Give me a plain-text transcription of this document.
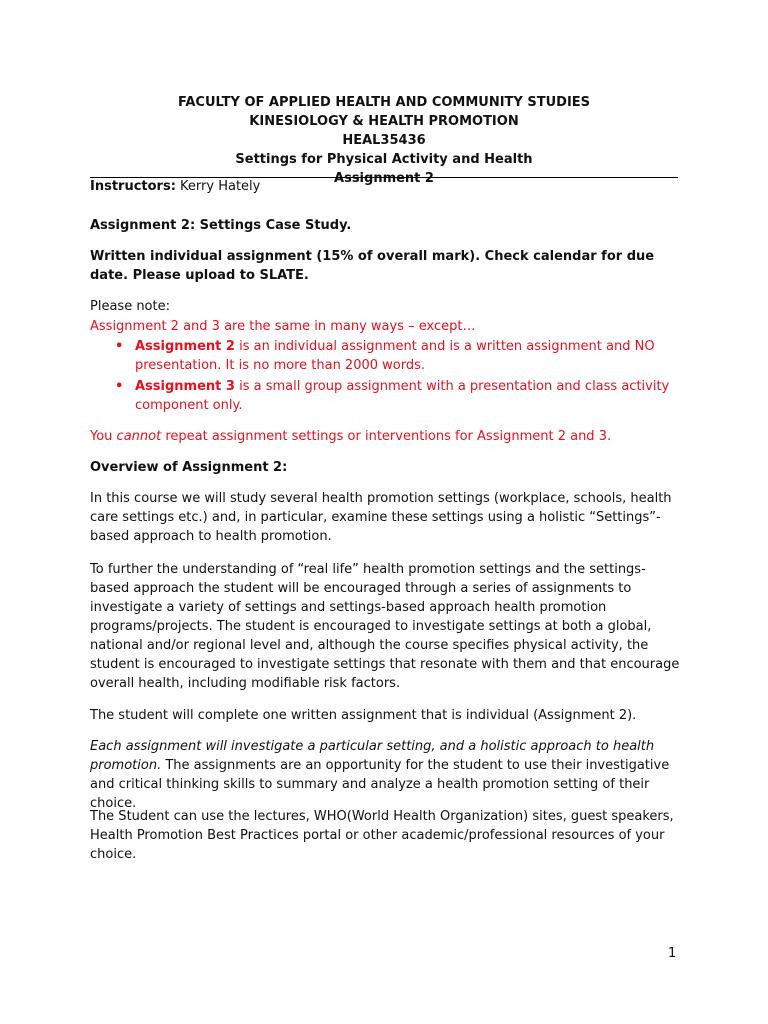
FACULTY OF APPLIED HEALTH AND COMMUNITY STUDIES
KINESIOLOGY & HEALTH PROMOTION
HEAL35436
Settings for Physical Activity and Health
Assignment 2
Instructors: Kerry Hately
Assignment 2: Settings Case Study.
Written individual assignment (15% of overall mark). Check calendar for due date. Please upload to SLATE.
Please note:
Assignment 2 and 3 are the same in many ways – except…
• Assignment 2 is an individual assignment and is a written assignment and NO presentation. It is no more than 2000 words.
• Assignment 3 is a small group assignment with a presentation and class activity component only.
You cannot repeat assignment settings or interventions for Assignment 2 and 3.
Overview of Assignment 2:
In this course we will study several health promotion settings (workplace, schools, health care settings etc.) and, in particular, examine these settings using a holistic “Settings”-based approach to health promotion.
To further the understanding of “real life” health promotion settings and the settings-based approach the student will be encouraged through a series of assignments to investigate a variety of settings and settings-based approach health promotion programs/projects. The student is encouraged to investigate settings at both a global, national and/or regional level and, although the course specifies physical activity, the student is encouraged to investigate settings that resonate with them and that encourage overall health, including modifiable risk factors.
The student will complete one written assignment that is individual (Assignment 2).
Each assignment will investigate a particular setting, and a holistic approach to health promotion. The assignments are an opportunity for the student to use their investigative and critical thinking skills to summary and analyze a health promotion setting of their choice.
The Student can use the lectures, WHO(World Health Organization) sites, guest speakers, Health Promotion Best Practices portal or other academic/professional resources of your choice.
1
